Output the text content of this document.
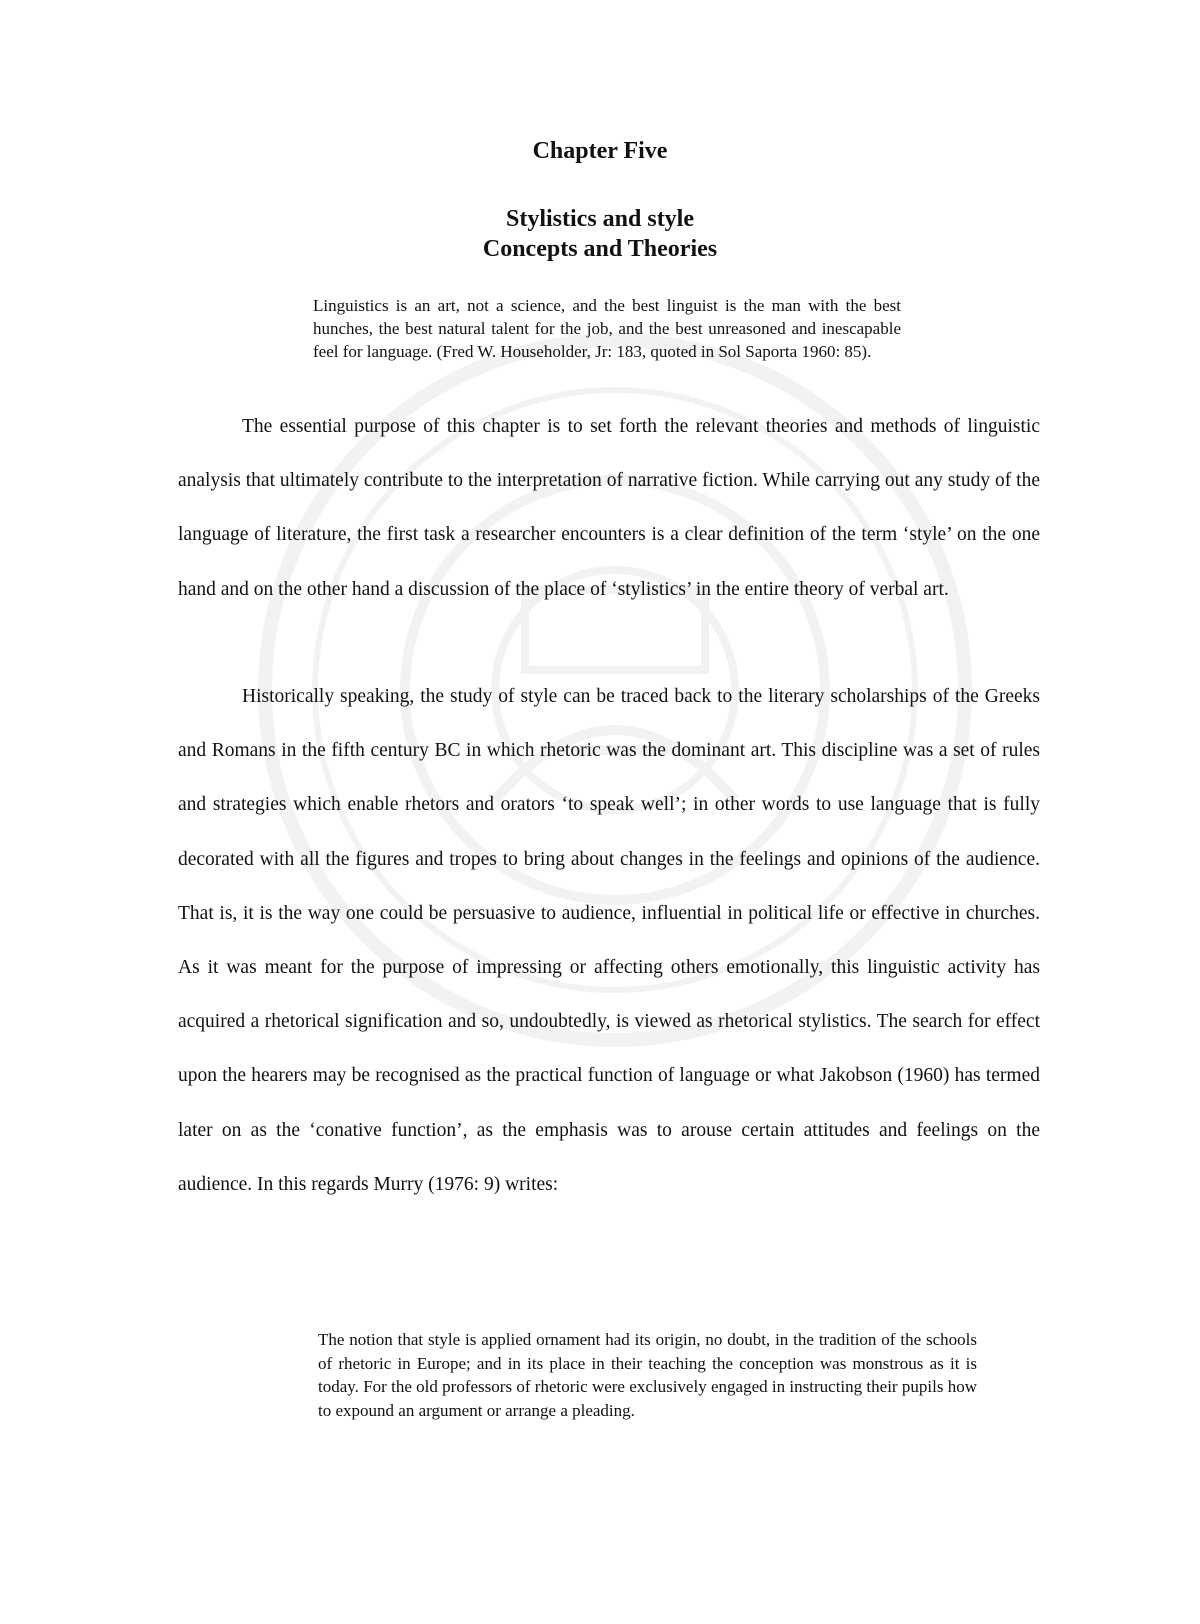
Chapter Five
Stylistics and style
Concepts and Theories

Linguistics is an art, not a science, and the best linguist is the man with the best hunches, the best natural talent for the job, and the best unreasoned and inescapable feel for language. (Fred W. Householder, Jr: 183, quoted in Sol Saporta 1960: 85).

The essential purpose of this chapter is to set forth the relevant theories and methods of linguistic analysis that ultimately contribute to the interpretation of narrative fiction. While carrying out any study of the language of literature, the first task a researcher encounters is a clear definition of the term ‘style’ on the one hand and on the other hand a discussion of the place of ‘stylistics’ in the entire theory of verbal art.

Historically speaking, the study of style can be traced back to the literary scholarships of the Greeks and Romans in the fifth century BC in which rhetoric was the dominant art. This discipline was a set of rules and strategies which enable rhetors and orators ‘to speak well’; in other words to use language that is fully decorated with all the figures and tropes to bring about changes in the feelings and opinions of the audience. That is, it is the way one could be persuasive to audience, influential in political life or effective in churches. As it was meant for the purpose of impressing or affecting others emotionally, this linguistic activity has acquired a rhetorical signification and so, undoubtedly, is viewed as rhetorical stylistics. The search for effect upon the hearers may be recognised as the practical function of language or what Jakobson (1960) has termed later on as the ‘conative function’, as the emphasis was to arouse certain attitudes and feelings on the audience. In this regards Murry (1976: 9) writes:

The notion that style is applied ornament had its origin, no doubt, in the tradition of the schools of rhetoric in Europe; and in its place in their teaching the conception was monstrous as it is today. For the old professors of rhetoric were exclusively engaged in instructing their pupils how to expound an argument or arrange a pleading.
